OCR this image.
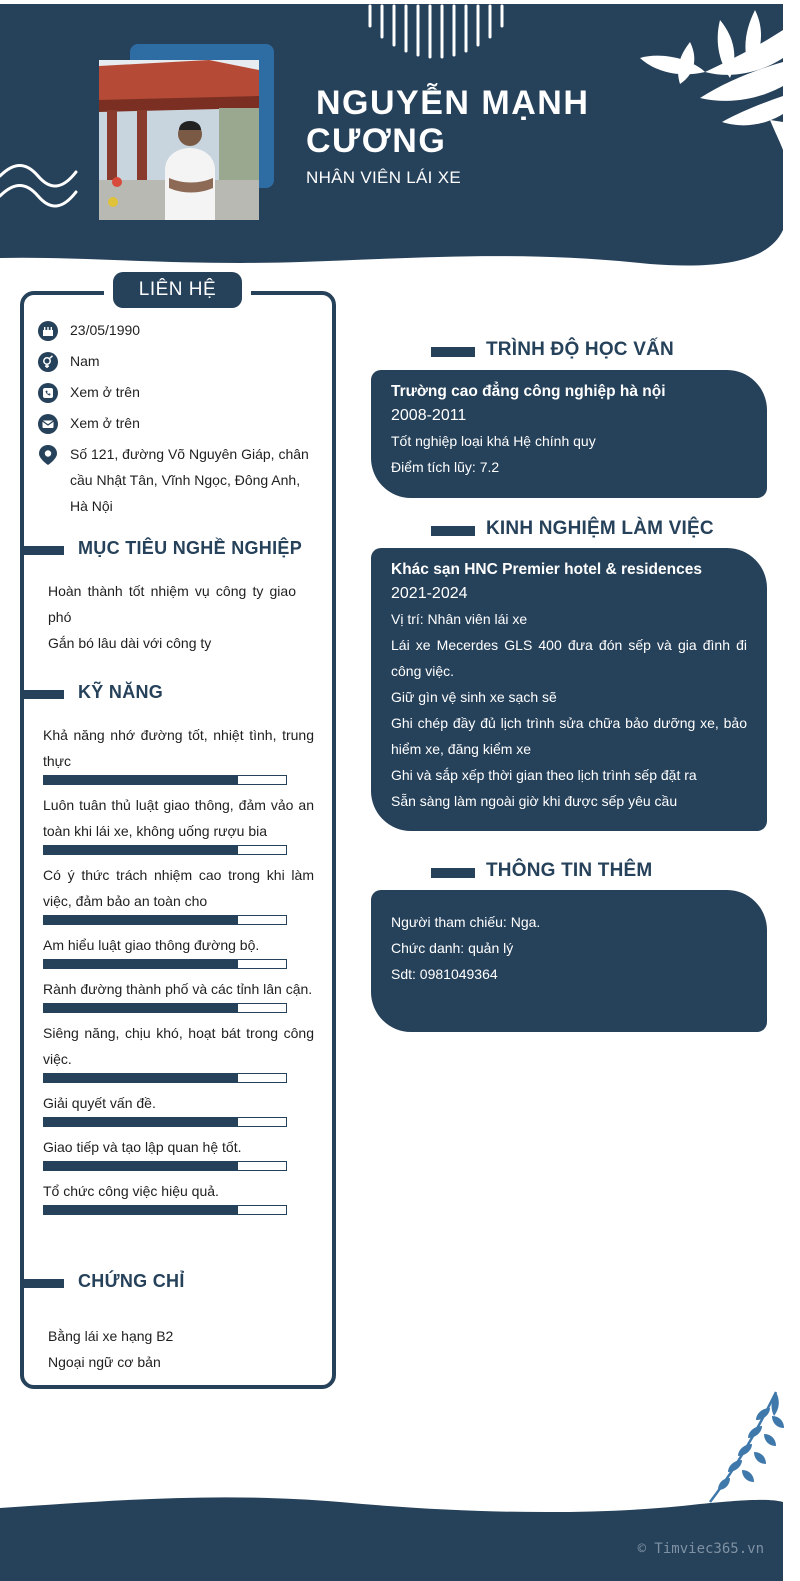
NGUYỄN MẠNH
CƯƠNG
NHÂN VIÊN LÁI XE
LIÊN HỆ
23/05/1990
Nam
Xem ở trên
Xem ở trên
Số 121, đường Võ Nguyên Giáp, chân cầu Nhật Tân, Vĩnh Ngọc, Đông Anh, Hà Nội
MỤC TIÊU NGHỀ NGHIỆP
Hoàn thành tốt nhiệm vụ công ty giao phó
Gắn bó lâu dài với công ty
KỸ NĂNG
Khả năng nhớ đường tốt, nhiệt tình, trung thực
Luôn tuân thủ luật giao thông, đảm vảo an toàn khi lái xe, không uống rượu bia
Có ý thức trách nhiệm cao trong khi làm việc, đảm bảo an toàn cho
Am hiểu luật giao thông đường bộ.
Rành đường thành phố và các tỉnh lân cận.
Siêng năng, chịu khó, hoạt bát trong công việc.
Giải quyết vấn đề.
Giao tiếp và tạo lập quan hệ tốt.
Tổ chức công việc hiệu quả.
CHỨNG CHỈ
Bằng lái xe hạng B2
Ngoại ngữ cơ bản
TRÌNH ĐỘ HỌC VẤN
Trường cao đẳng công nghiệp hà nội
2008-2011
Tốt nghiệp loại khá Hệ chính quy
Điểm tích lũy: 7.2
KINH NGHIỆM LÀM VIỆC
Khác sạn HNC Premier hotel & residences
2021-2024
Vị trí: Nhân viên lái xe
Lái xe Mecerdes GLS 400 đưa đón sếp và gia đình đi công việc.
Giữ gìn vệ sinh xe sạch sẽ
Ghi chép đầy đủ lịch trình sửa chữa bảo dưỡng xe, bảo hiểm xe, đăng kiểm xe
Ghi và sắp xếp thời gian theo lịch trình sếp đặt ra
Sẵn sàng làm ngoài giờ khi được sếp yêu cầu
THÔNG TIN THÊM
Người tham chiếu: Nga.
Chức danh: quản lý
Sdt: 0981049364
© Timviec365.vn
